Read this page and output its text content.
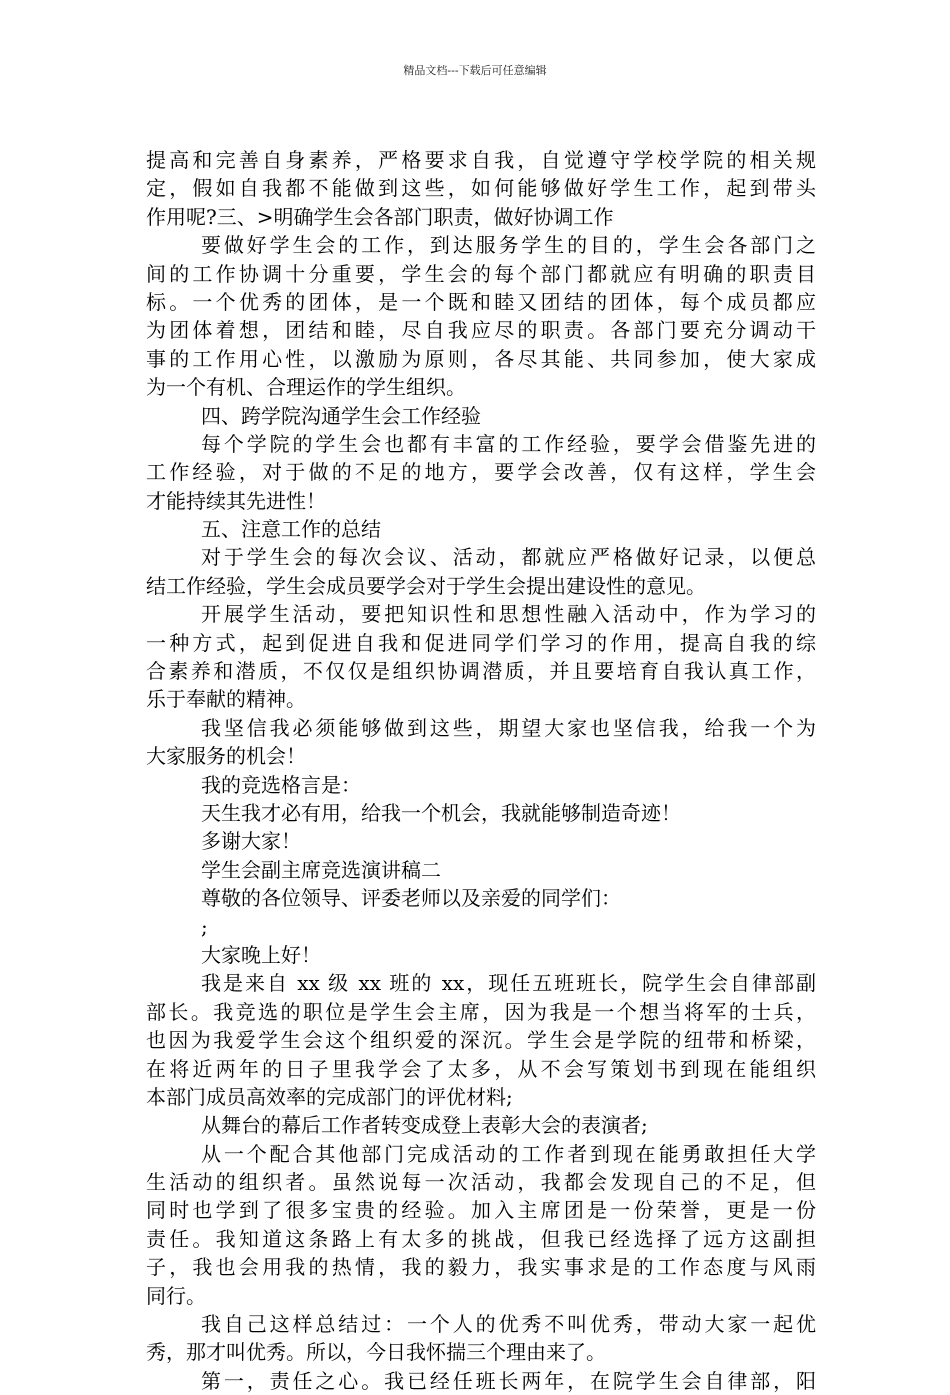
精品文档---下载后可任意编辑
提高和完善自身素养，严格要求自我，自觉遵守学校学院的相关规
定，假如自我都不能做到这些，如何能够做好学生工作，起到带头
作用呢?三、>明确学生会各部门职责，做好协调工作
要做好学生会的工作，到达服务学生的目的，学生会各部门之
间的工作协调十分重要，学生会的每个部门都就应有明确的职责目
标。一个优秀的团体，是一个既和睦又团结的团体，每个成员都应
为团体着想，团结和睦，尽自我应尽的职责。各部门要充分调动干
事的工作用心性，以激励为原则，各尽其能、共同参加，使大家成
为一个有机、合理运作的学生组织。
四、跨学院沟通学生会工作经验
每个学院的学生会也都有丰富的工作经验，要学会借鉴先进的
工作经验，对于做的不足的地方，要学会改善，仅有这样，学生会
才能持续其先进性！
五、注意工作的总结
对于学生会的每次会议、活动，都就应严格做好记录，以便总
结工作经验，学生会成员要学会对于学生会提出建设性的意见。
开展学生活动，要把知识性和思想性融入活动中，作为学习的
一种方式，起到促进自我和促进同学们学习的作用，提高自我的综
合素养和潜质，不仅仅是组织协调潜质，并且要培育自我认真工作，
乐于奉献的精神。
我坚信我必须能够做到这些，期望大家也坚信我，给我一个为
大家服务的机会！
我的竞选格言是：
天生我才必有用，给我一个机会，我就能够制造奇迹！
多谢大家！
学生会副主席竞选演讲稿二
尊敬的各位领导、评委老师以及亲爱的同学们：
;
大家晚上好！
我是来自 xx 级 xx 班的 xx，现任五班班长，院学生会自律部副
部长。我竞选的职位是学生会主席，因为我是一个想当将军的士兵，
也因为我爱学生会这个组织爱的深沉。学生会是学院的纽带和桥梁，
在将近两年的日子里我学会了太多，从不会写策划书到现在能组织
本部门成员高效率的完成部门的评优材料;
从舞台的幕后工作者转变成登上表彰大会的表演者;
从一个配合其他部门完成活动的工作者到现在能勇敢担任大学
生活动的组织者。虽然说每一次活动，我都会发现自己的不足，但
同时也学到了很多宝贵的经验。加入主席团是一份荣誉，更是一份
责任。我知道这条路上有太多的挑战，但我已经选择了远方这副担
子，我也会用我的热情，我的毅力，我实事求是的工作态度与风雨
同行。
我自己这样总结过：一个人的优秀不叫优秀，带动大家一起优
秀，那才叫优秀。所以，今日我怀揣三个理由来了。
第一，责任之心。我已经任班长两年，在院学生会自律部，阳
